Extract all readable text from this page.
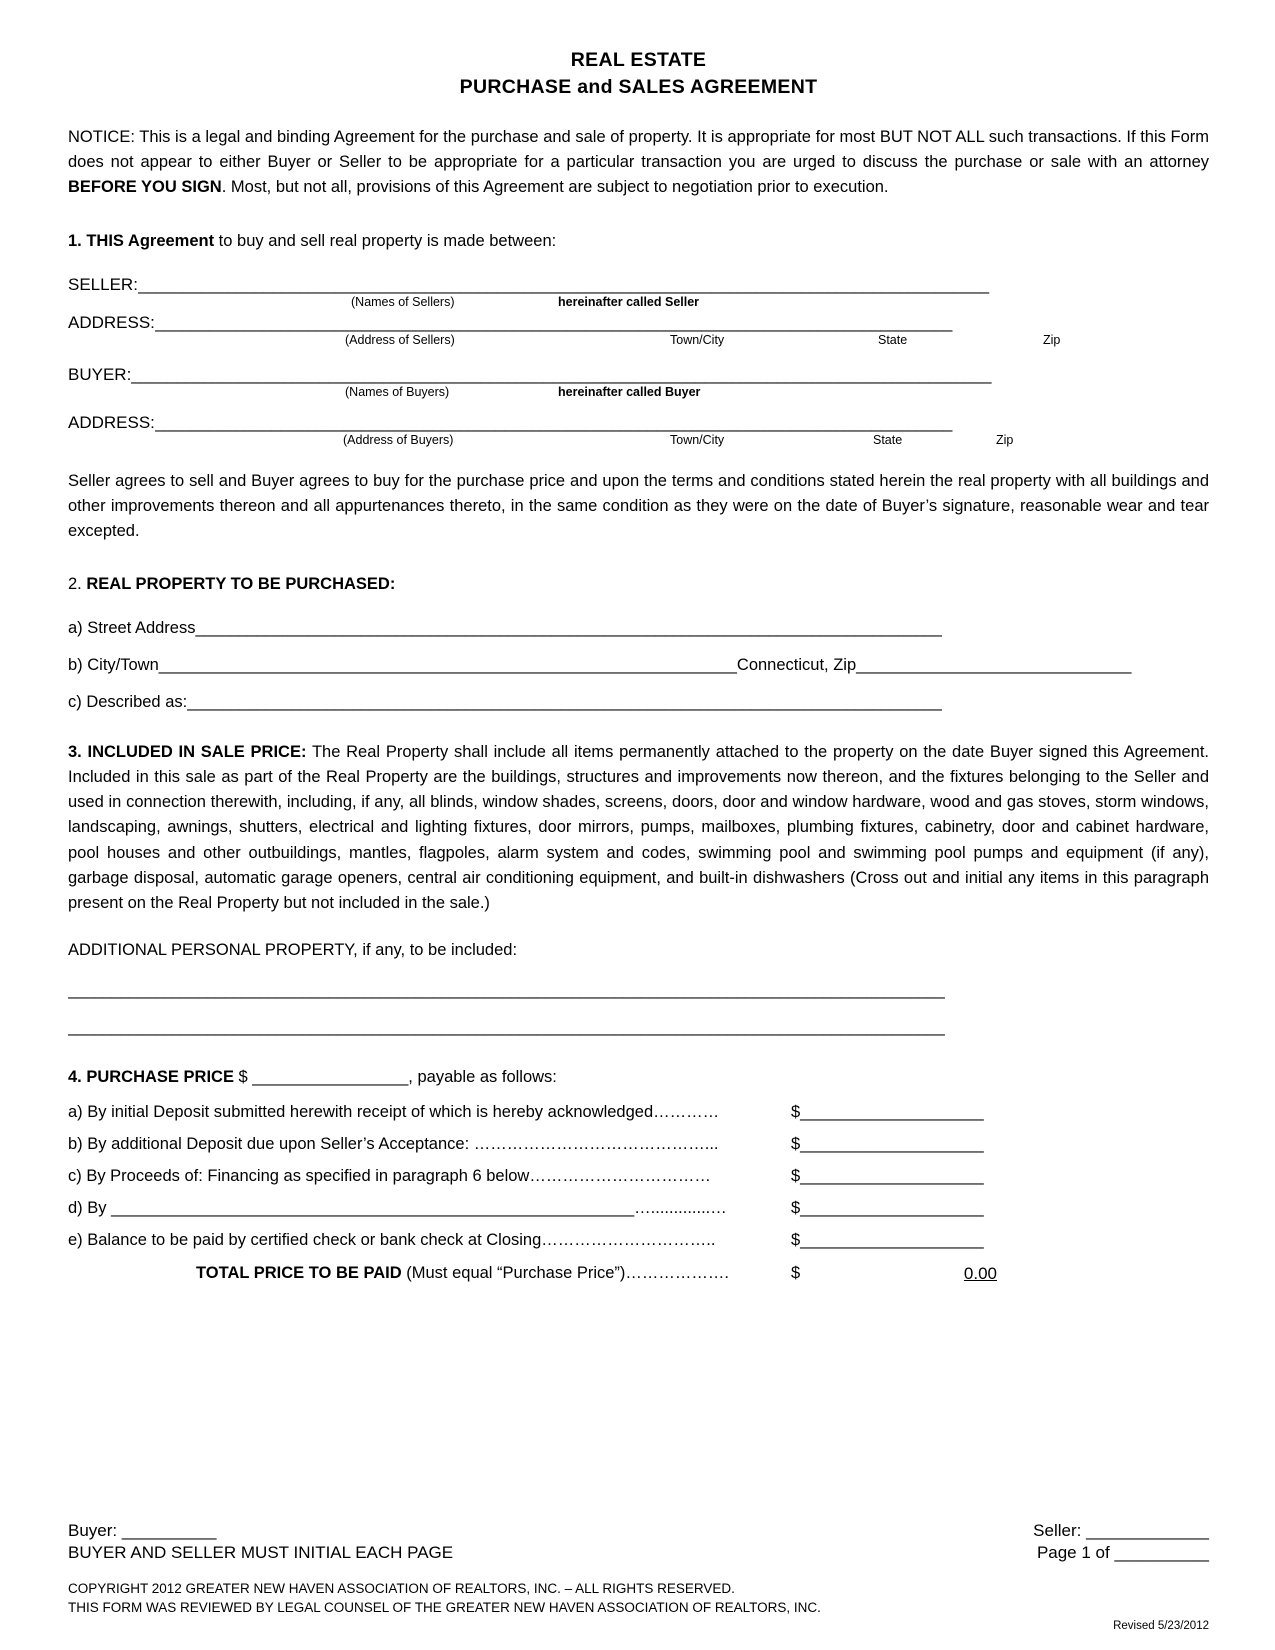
REAL ESTATE
PURCHASE and SALES AGREEMENT
NOTICE: This is a legal and binding Agreement for the purchase and sale of property. It is appropriate for most BUT NOT ALL such transactions. If this Form does not appear to either Buyer or Seller to be appropriate for a particular transaction you are urged to discuss the purchase or sale with an attorney BEFORE YOU SIGN. Most, but not all, provisions of this Agreement are subject to negotiation prior to execution.
1. THIS Agreement to buy and sell real property is made between:
SELLER: _______________________________________________________________________________________________
(Names of Sellers)	hereinafter called Seller
ADDRESS: _________________________________________________________________________________________
(Address of Sellers)	Town/City	State	Zip
BUYER: ________________________________________________________________________________________________
(Names of Buyers)	hereinafter called Buyer
ADDRESS: _________________________________________________________________________________________
(Address of Buyers)	Town/City	State	Zip
Seller agrees to sell and Buyer agrees to buy for the purchase price and upon the terms and conditions stated herein the real property with all buildings and other improvements thereon and all appurtenances thereto, in the same condition as they were on the date of Buyer’s signature, reasonable wear and tear excepted.
2. REAL PROPERTY TO BE PURCHASED:
a) Street Address ______________________________________________________________________________________
b) City/Town _______________________________________________________________ Connecticut, Zip ______________________________
c) Described as: _______________________________________________________________________________________
3. INCLUDED IN SALE PRICE: The Real Property shall include all items permanently attached to the property on the date Buyer signed this Agreement. Included in this sale as part of the Real Property are the buildings, structures and improvements now thereon, and the fixtures belonging to the Seller and used in connection therewith, including, if any, all blinds, window shades, screens, doors, door and window hardware, wood and gas stoves, storm windows, landscaping, awnings, shutters, electrical and lighting fixtures, door mirrors, pumps, mailboxes, plumbing fixtures, cabinetry, door and cabinet hardware, pool houses and other outbuildings, mantles, flagpoles, alarm system and codes, swimming pool and swimming pool pumps and equipment (if any), garbage disposal, automatic garage openers, central air conditioning equipment, and built-in dishwashers (Cross out and initial any items in this paragraph present on the Real Property but not included in the sale.)
ADDITIONAL PERSONAL PROPERTY, if any, to be included:
_____________________________________________________________________________________________________
_____________________________________________________________________________________________________
4. PURCHASE PRICE $ _________________, payable as follows:
a) By initial Deposit submitted herewith receipt of which is hereby acknowledged…………	$____________________
b) By additional Deposit due upon Seller’s Acceptance: ……………………………………...	$____________________
c) By Proceeds of: Financing as specified in paragraph 6 below……………………………	$____________________
d) By _________________________________________________________….............…	$____________________
e) Balance to be paid by certified check or bank check at Closing…………………………..	$____________________
TOTAL PRICE TO BE PAID (Must equal “Purchase Price”)……………….	$	0.00
Buyer: __________	Seller: _____________
BUYER AND SELLER MUST INITIAL EACH PAGE	Page 1 of __________
COPYRIGHT 2012 GREATER NEW HAVEN ASSOCIATION OF REALTORS, INC. – ALL RIGHTS RESERVED.
THIS FORM WAS REVIEWED BY LEGAL COUNSEL OF THE GREATER NEW HAVEN ASSOCIATION OF REALTORS, INC.
Revised 5/23/2012
